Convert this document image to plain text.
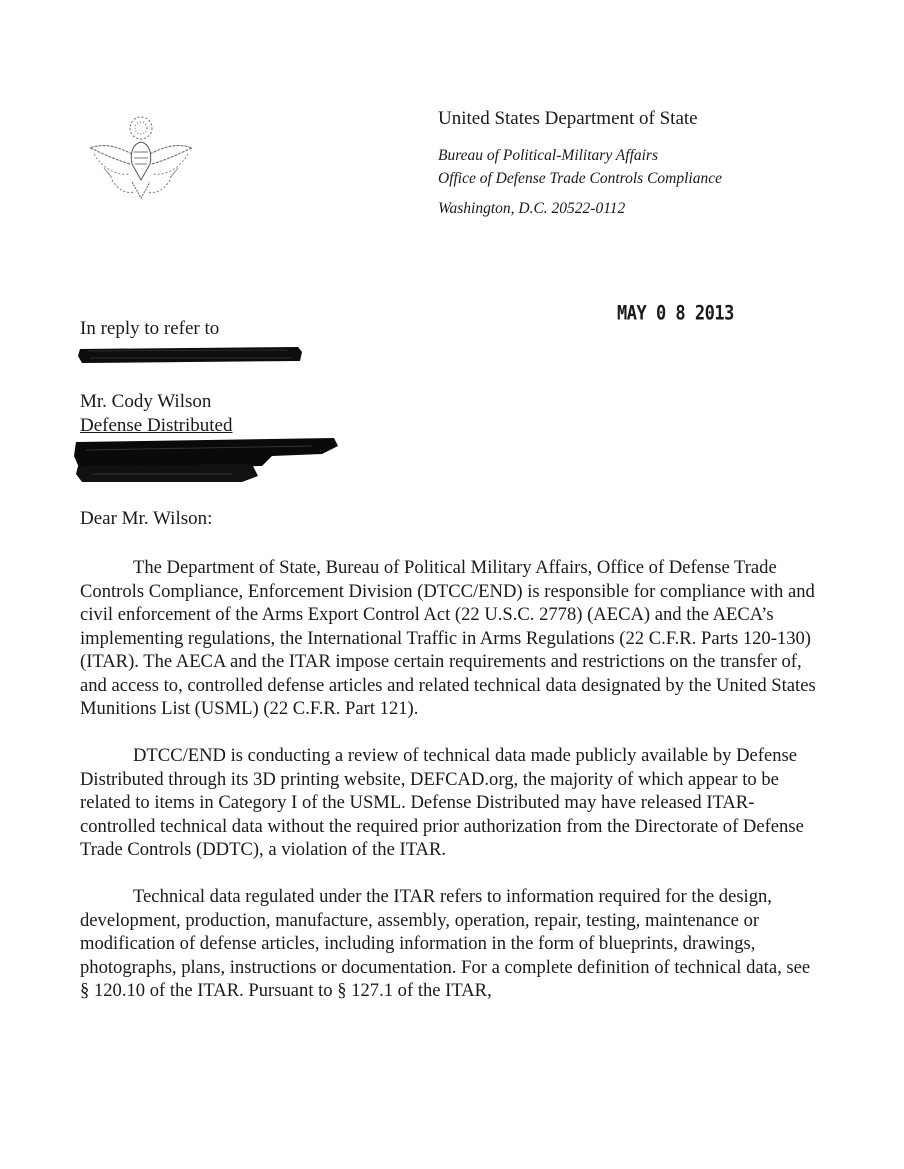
United States Department of State

Bureau of Political-Military Affairs

Office of Defense Trade Controls Compliance

Washington, D.C. 20522-0112

MAY 0 8 2013
In reply to refer to
Mr. Cody Wilson
Defense Distributed
Dear Mr. Wilson:

The Department of State, Bureau of Political Military Affairs, Office of Defense Trade Controls Compliance, Enforcement Division (DTCC/END) is responsible for compliance with and civil enforcement of the Arms Export Control Act (22 U.S.C. 2778) (AECA) and the AECA’s implementing regulations, the International Traffic in Arms Regulations (22 C.F.R. Parts 120-130) (ITAR). The AECA and the ITAR impose certain requirements and restrictions on the transfer of, and access to, controlled defense articles and related technical data designated by the United States Munitions List (USML) (22 C.F.R. Part 121).

DTCC/END is conducting a review of technical data made publicly available by Defense Distributed through its 3D printing website, DEFCAD.org, the majority of which appear to be related to items in Category I of the USML. Defense Distributed may have released ITAR-controlled technical data without the required prior authorization from the Directorate of Defense Trade Controls (DDTC), a violation of the ITAR.

Technical data regulated under the ITAR refers to information required for the design, development, production, manufacture, assembly, operation, repair, testing, maintenance or modification of defense articles, including information in the form of blueprints, drawings, photographs, plans, instructions or documentation. For a complete definition of technical data, see § 120.10 of the ITAR. Pursuant to § 127.1 of the ITAR,
